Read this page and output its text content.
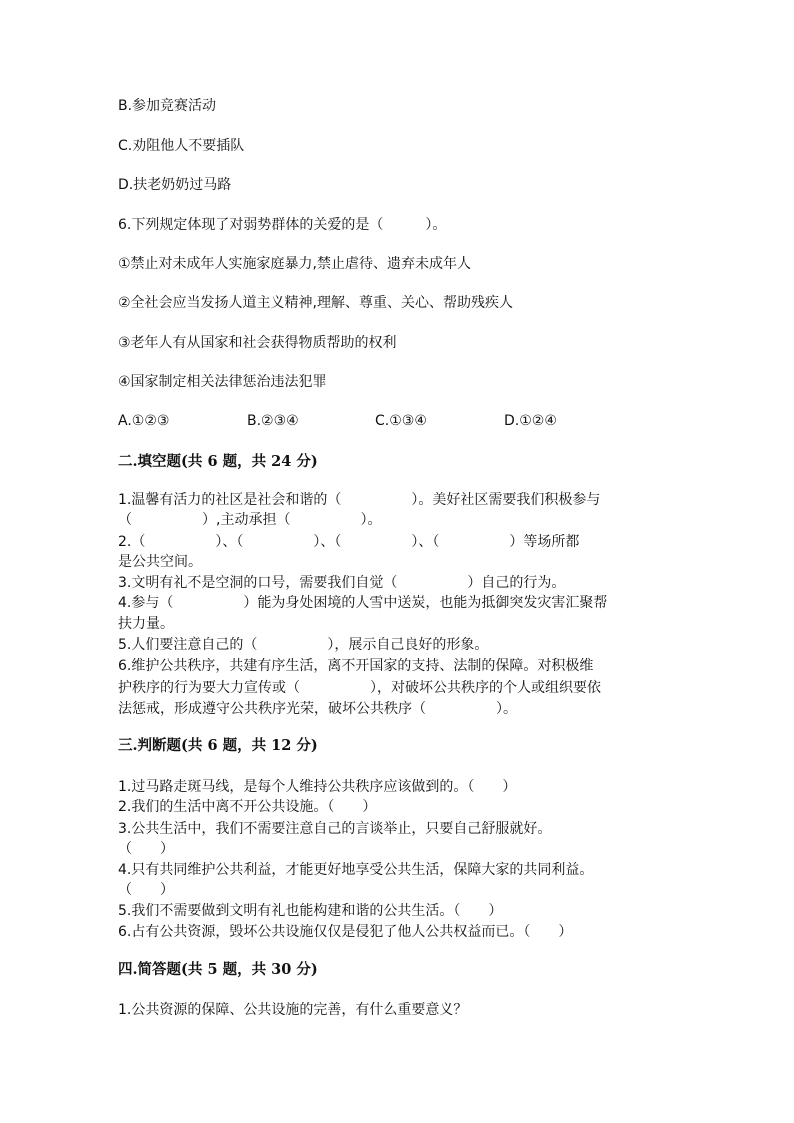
B.参加竞赛活动
C.劝阻他人不要插队
D.扶老奶奶过马路
6.下列规定体现了对弱势群体的关爱的是（　　　）。
①禁止对未成年人实施家庭暴力,禁止虐待、遗弃未成年人
②全社会应当发扬人道主义精神,理解、尊重、关心、帮助残疾人
③老年人有从国家和社会获得物质帮助的权利
④国家制定相关法律惩治违法犯罪
A.①②③	B.②③④	C.①③④	D.①②④
二.填空题(共 6 题，共 24 分)
1.温馨有活力的社区是社会和谐的（　　　　　）。美好社区需要我们积极参与
（　　　　　）,主动承担（　　　　　）。
2.（　　　　　）、（　　　　　）、（　　　　　）、（　　　　　）等场所都
是公共空间。
3.文明有礼不是空洞的口号，需要我们自觉（　　　　　）自己的行为。
4.参与（　　　　　）能为身处困境的人雪中送炭，也能为抵御突发灾害汇聚帮
扶力量。
5.人们要注意自己的（　　　　　），展示自己良好的形象。
6.维护公共秩序，共建有序生活，离不开国家的支持、法制的保障。对积极维
护秩序的行为要大力宣传或（　　　　　），对破坏公共秩序的个人或组织要依
法惩戒，形成遵守公共秩序光荣，破坏公共秩序（　　　　　）。
三.判断题(共 6 题，共 12 分)
1.过马路走斑马线，是每个人维持公共秩序应该做到的。（　　）
2.我们的生活中离不开公共设施。（　　）
3.公共生活中，我们不需要注意自己的言谈举止，只要自己舒服就好。
（　　）
4.只有共同维护公共利益，才能更好地享受公共生活，保障大家的共同利益。
（　　）
5.我们不需要做到文明有礼也能构建和谐的公共生活。（　　）
6.占有公共资源，毁坏公共设施仅仅是侵犯了他人公共权益而已。（　　）
四.简答题(共 5 题，共 30 分)
1.公共资源的保障、公共设施的完善，有什么重要意义？
